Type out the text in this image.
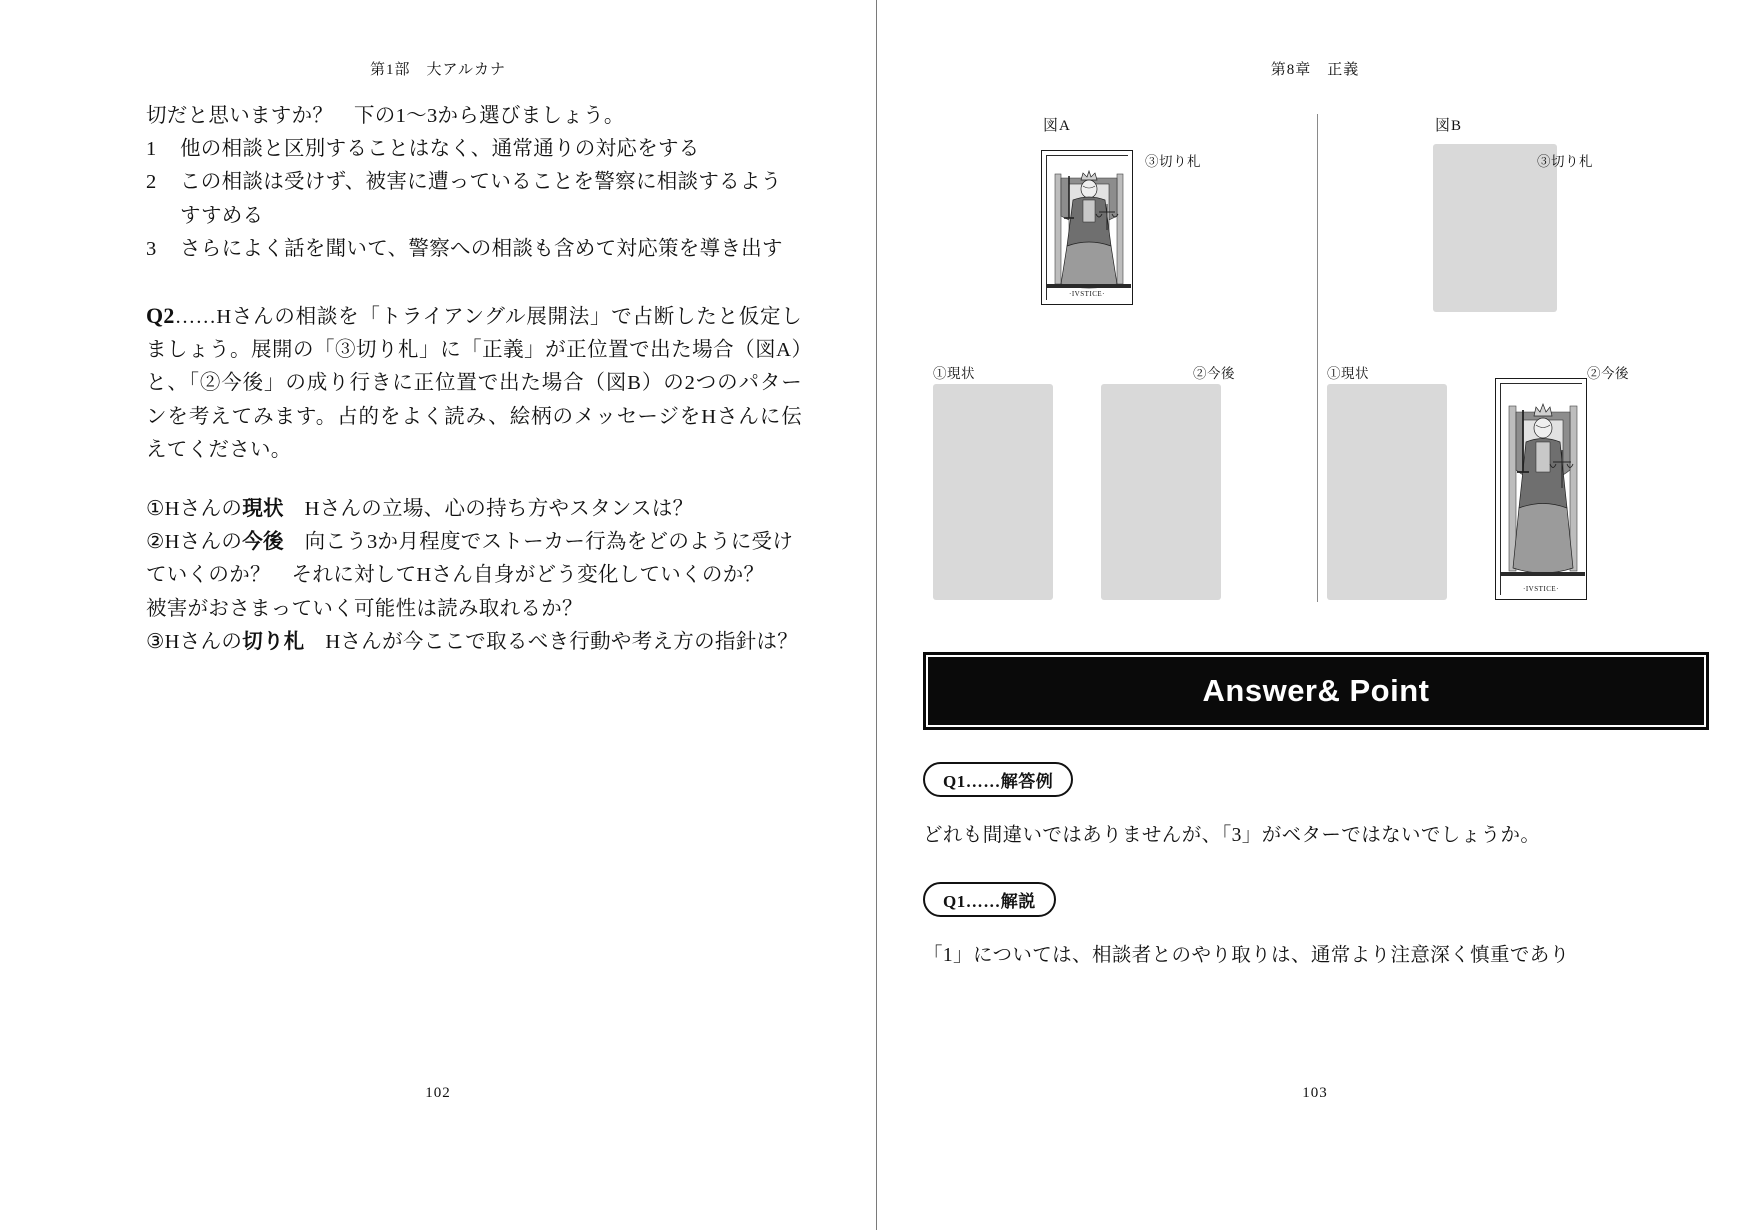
第1部　大アルカナ
切だと思いますか？　下の1〜3から選びましょう。
1 他の相談と区別することはなく、通常通りの対応をする
2 この相談は受けず、被害に遭っていることを警察に相談するようすすめる
3 さらによく話を聞いて、警察への相談も含めて対応策を導き出す
Q2……Hさんの相談を「トライアングル展開法」で占断したと仮定しましょう。展開の「③切り札」に「正義」が正位置で出た場合（図A）と、「②今後」の成り行きに正位置で出た場合（図B）の2つのパターンを考えてみます。占的をよく読み、絵柄のメッセージをHさんに伝えてください。
①Hさんの現状　Hさんの立場、心の持ち方やスタンスは？
②Hさんの今後　向こう3か月程度でストーカー行為をどのように受けていくのか？　それに対してHさん自身がどう変化していくのか？　被害がおさまっていく可能性は読み取れるか？
③Hさんの切り札　Hさんが今ここで取るべき行動や考え方の指針は？
102
第8章　正義
図A	図B
·IVSTICE·
③切り札
①現状	②今後
③切り札
①現状
·IVSTICE·
②今後
Answer& Point
Q1……解答例
どれも間違いではありませんが、「3」がベターではないでしょうか。
Q1……解説
「1」については、相談者とのやり取りは、通常より注意深く慎重であり
103
